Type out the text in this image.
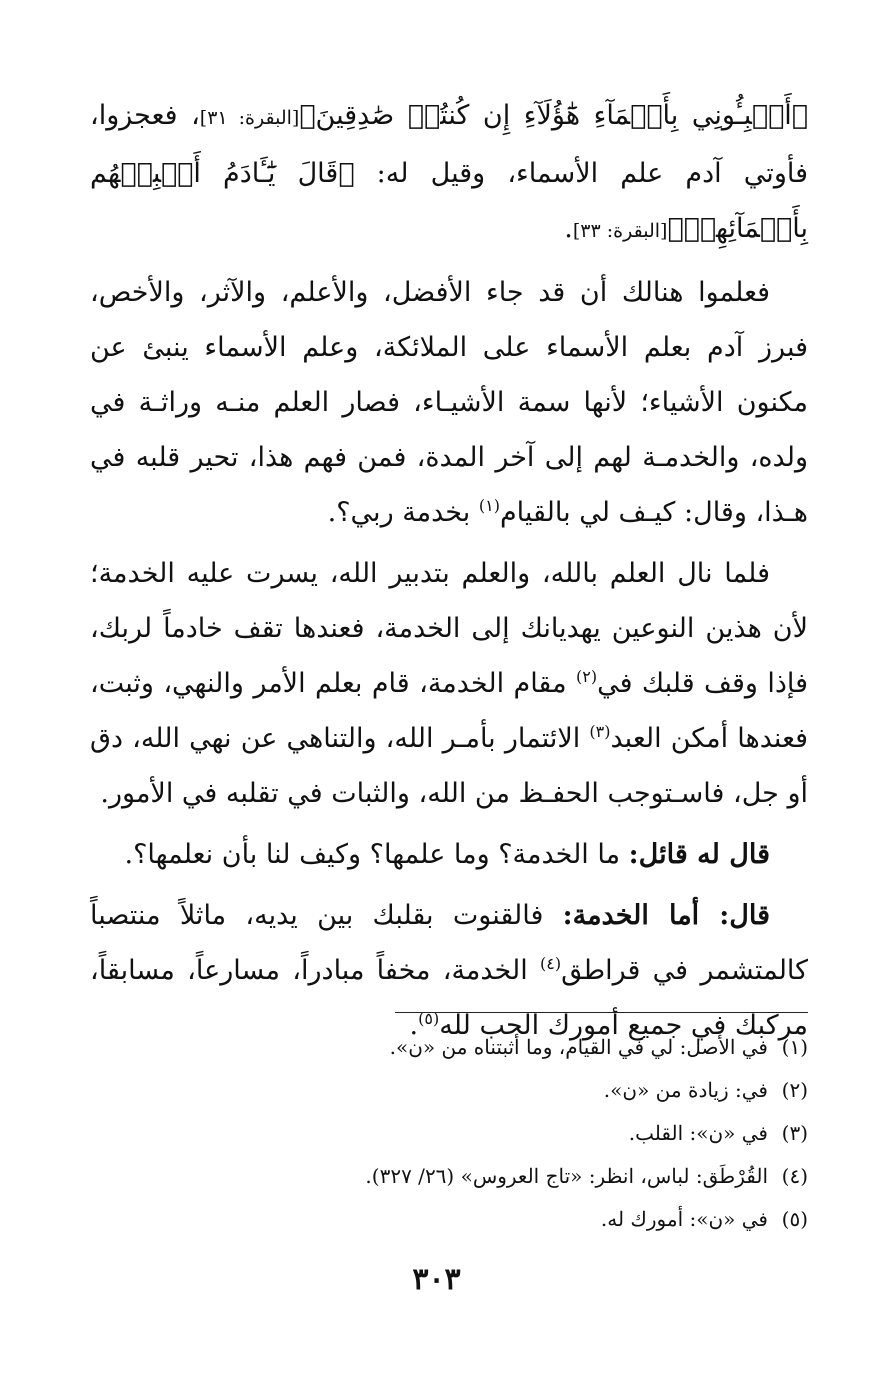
﴿أَنۢبِـُٔونِي بِأَسۡمَآءِ هَٰٓؤُلَآءِ إِن كُنتُمۡ صَٰدِقِينَ﴾[البقرة: ٣١]، فعجزوا، فأوتي آدم علم الأسماء، وقيل له: ﴿قَالَ يَٰٓـَٔادَمُ أَنۢبِئۡهُم بِأَسۡمَآئِهِمۡ﴾[البقرة: ٣٣].

فعلموا هنالك أن قد جاء الأفضل، والأعلم، والآثر، والأخص، فبرز آدم بعلم الأسماء على الملائكة، وعلم الأسماء ينبئ عن مكنون الأشياء؛ لأنها سمة الأشيـاء، فصار العلم منـه وراثـة في ولده، والخدمـة لهم إلى آخر المدة، فمن فهم هذا، تحير قلبه في هـذا، وقال: كيـف لي بالقيام$^{(١)}$ بخدمة ربي؟.

فلما نال العلم بالله، والعلم بتدبير الله، يسرت عليه الخدمة؛ لأن هذين النوعين يهديانك إلى الخدمة، فعندها تقف خادماً لربك، فإذا وقف قلبك في$^{(٢)}$ مقام الخدمة، قام بعلم الأمر والنهي، وثبت، فعندها أمكن العبد$^{(٣)}$ الائتمار بأمـر الله، والتناهي عن نهي الله، دق أو جل، فاسـتوجب الحفـظ من الله، والثبات في تقلبه في الأمور.

قال له قائل: ما الخدمة؟ وما علمها؟ وكيف لنا بأن نعلمها؟.

قال: أما الخدمة: فالقنوت بقلبك بين يديه، ماثلاً منتصباً كالمتشمر في قراطق$^{(٤)}$ الخدمة، مخفاً مبادراً، مسارعاً، مسابقاً، مركبك في جميع أمورك الحب لله$^{(٥)}$.

(١)في الأصل: لي في القيام، وما أثبتناه من «ن».
(٢)في: زيادة من «ن».
(٣)في «ن»: القلب.
(٤)القُرْطَق: لباس، انظر: «تاج العروس» (٢٦/ ٣٢٧).
(٥)في «ن»: أمورك له.
٣٠٣
